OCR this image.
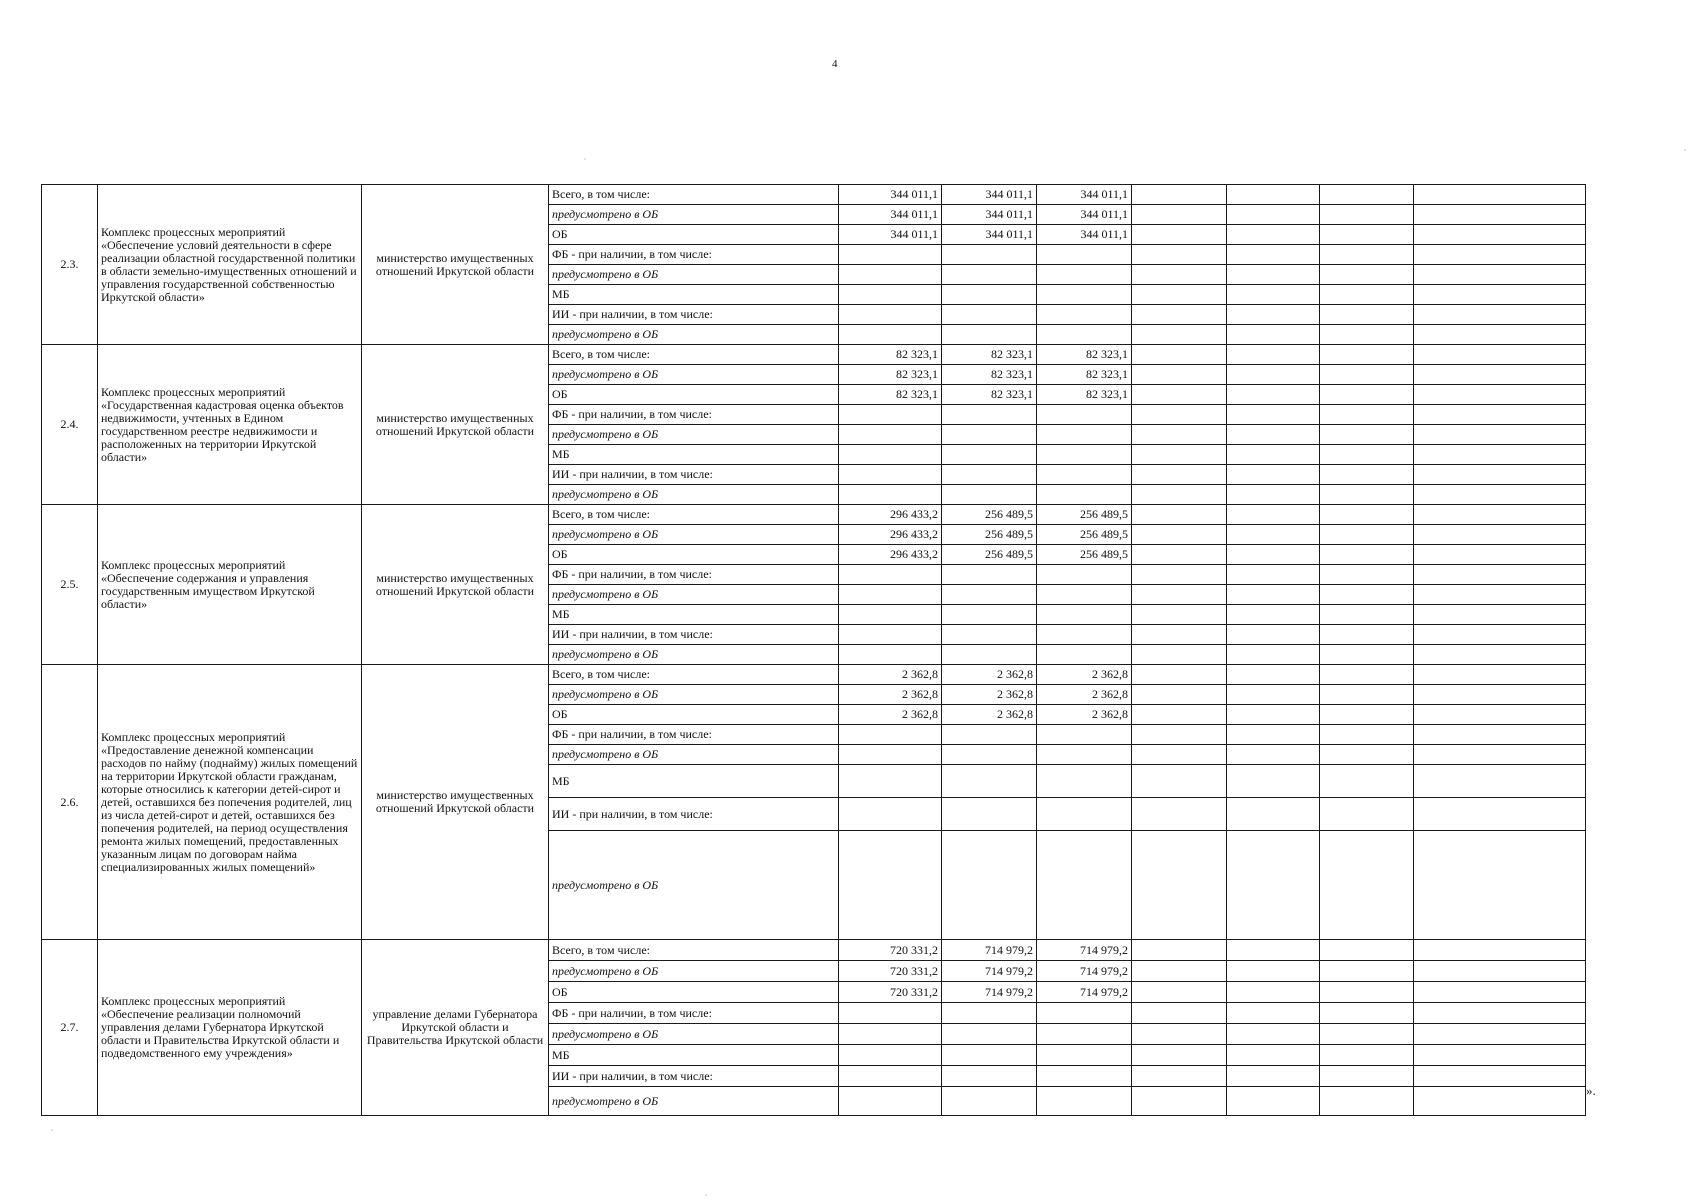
4
2.3.	Комплекс процессных мероприятий «Обеспечение условий деятельности в сфере реализации областной государственной политики в области земельно-имущественных отношений и управления государственной собственностью Иркутской области»	министерство имущественных отношений Иркутской области	Всего, в том числе:	344 011,1	344 011,1	344 011,1				
			предусмотрено в ОБ	344 011,1	344 011,1	344 011,1				
			ОБ	344 011,1	344 011,1	344 011,1				
			ФБ - при наличии, в том числе:							
			предусмотрено в ОБ							
			МБ							
			ИИ - при наличии, в том числе:							
			предусмотрено в ОБ							
2.4.	Комплекс процессных мероприятий «Государственная кадастровая оценка объектов недвижимости, учтенных в Едином государственном реестре недвижимости и расположенных на территории Иркутской области»	министерство имущественных отношений Иркутской области	Всего, в том числе:	82 323,1	82 323,1	82 323,1				
			предусмотрено в ОБ	82 323,1	82 323,1	82 323,1				
			ОБ	82 323,1	82 323,1	82 323,1				
			ФБ - при наличии, в том числе:							
			предусмотрено в ОБ							
			МБ							
			ИИ - при наличии, в том числе:							
			предусмотрено в ОБ							
2.5.	Комплекс процессных мероприятий «Обеспечение содержания и управления государственным имуществом Иркутской области»	министерство имущественных отношений Иркутской области	Всего, в том числе:	296 433,2	256 489,5	256 489,5				
			предусмотрено в ОБ	296 433,2	256 489,5	256 489,5				
			ОБ	296 433,2	256 489,5	256 489,5				
			ФБ - при наличии, в том числе:							
			предусмотрено в ОБ							
			МБ							
			ИИ - при наличии, в том числе:							
			предусмотрено в ОБ							
2.6.	Комплекс процессных мероприятий «Предоставление денежной компенсации расходов по найму (поднайму) жилых помещений на территории Иркутской области гражданам, которые относились к категории детей-сирот и детей, оставшихся без попечения родителей, лиц из числа детей-сирот и детей, оставшихся без попечения родителей, на период осуществления ремонта жилых помещений, предоставленных указанным лицам по договорам найма специализированных жилых помещений»	министерство имущественных отношений Иркутской области	Всего, в том числе:	2 362,8	2 362,8	2 362,8				
			предусмотрено в ОБ	2 362,8	2 362,8	2 362,8				
			ОБ	2 362,8	2 362,8	2 362,8				
			ФБ - при наличии, в том числе:							
			предусмотрено в ОБ							
			МБ							
			ИИ - при наличии, в том числе:							
			предусмотрено в ОБ							
2.7.	Комплекс процессных мероприятий «Обеспечение реализации полномочий управления делами Губернатора Иркутской области и Правительства Иркутской области и подведомственного ему учреждения»	управление делами Губернатора Иркутской области и Правительства Иркутской области	Всего, в том числе:	720 331,2	714 979,2	714 979,2				
			предусмотрено в ОБ	720 331,2	714 979,2	714 979,2				
			ОБ	720 331,2	714 979,2	714 979,2				
			ФБ - при наличии, в том числе:							
			предусмотрено в ОБ							
			МБ							
			ИИ - при наличии, в том числе:							
			предусмотрено в ОБ							
».
